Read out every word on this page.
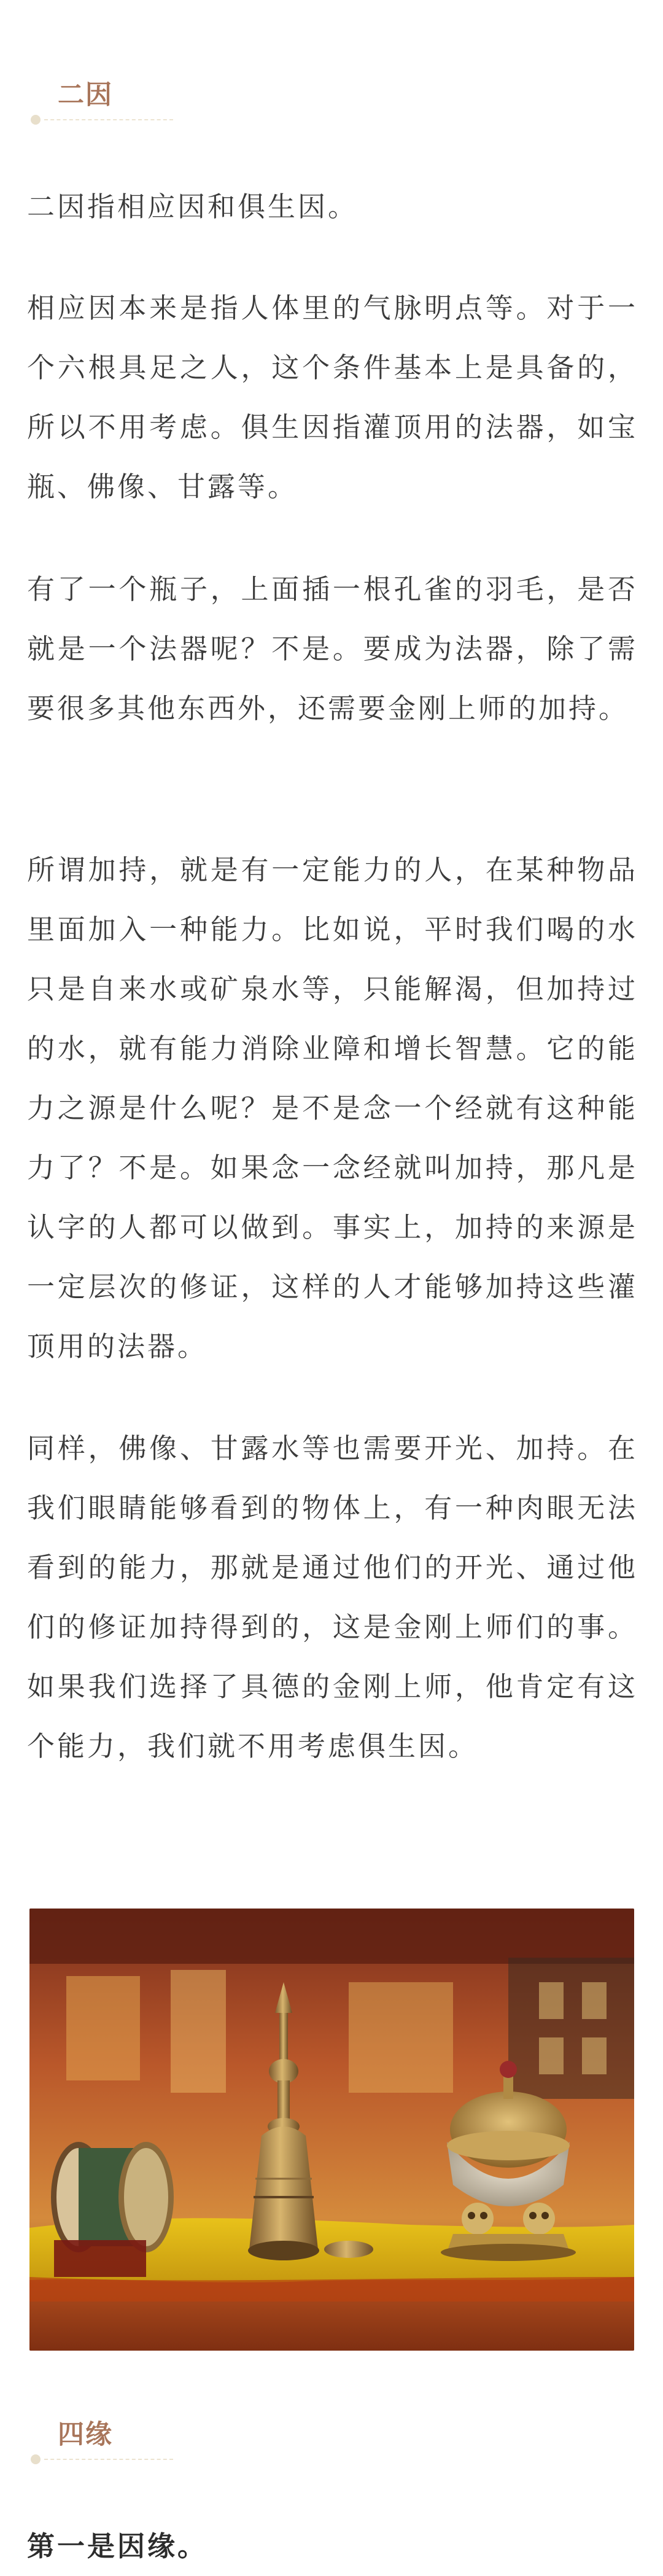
二因

二因指相应因和俱生因。

相应因本来是指人体里的气脉明点等。对于一个六根具足之人，这个条件基本上是具备的，所以不用考虑。俱生因指灌顶用的法器，如宝瓶、佛像、甘露等。

有了一个瓶子，上面插一根孔雀的羽毛，是否就是一个法器呢？不是。要成为法器，除了需要很多其他东西外，还需要金刚上师的加持。

所谓加持，就是有一定能力的人，在某种物品里面加入一种能力。比如说，平时我们喝的水只是自来水或矿泉水等，只能解渴，但加持过的水，就有能力消除业障和增长智慧。它的能力之源是什么呢？是不是念一个经就有这种能力了？不是。如果念一念经就叫加持，那凡是认字的人都可以做到。事实上，加持的来源是一定层次的修证，这样的人才能够加持这些灌顶用的法器。

同样，佛像、甘露水等也需要开光、加持。在我们眼睛能够看到的物体上，有一种肉眼无法看到的能力，那就是通过他们的开光、通过他们的修证加持得到的，这是金刚上师们的事。如果我们选择了具德的金刚上师，他肯定有这个能力，我们就不用考虑俱生因。

四缘

第一是因缘。
